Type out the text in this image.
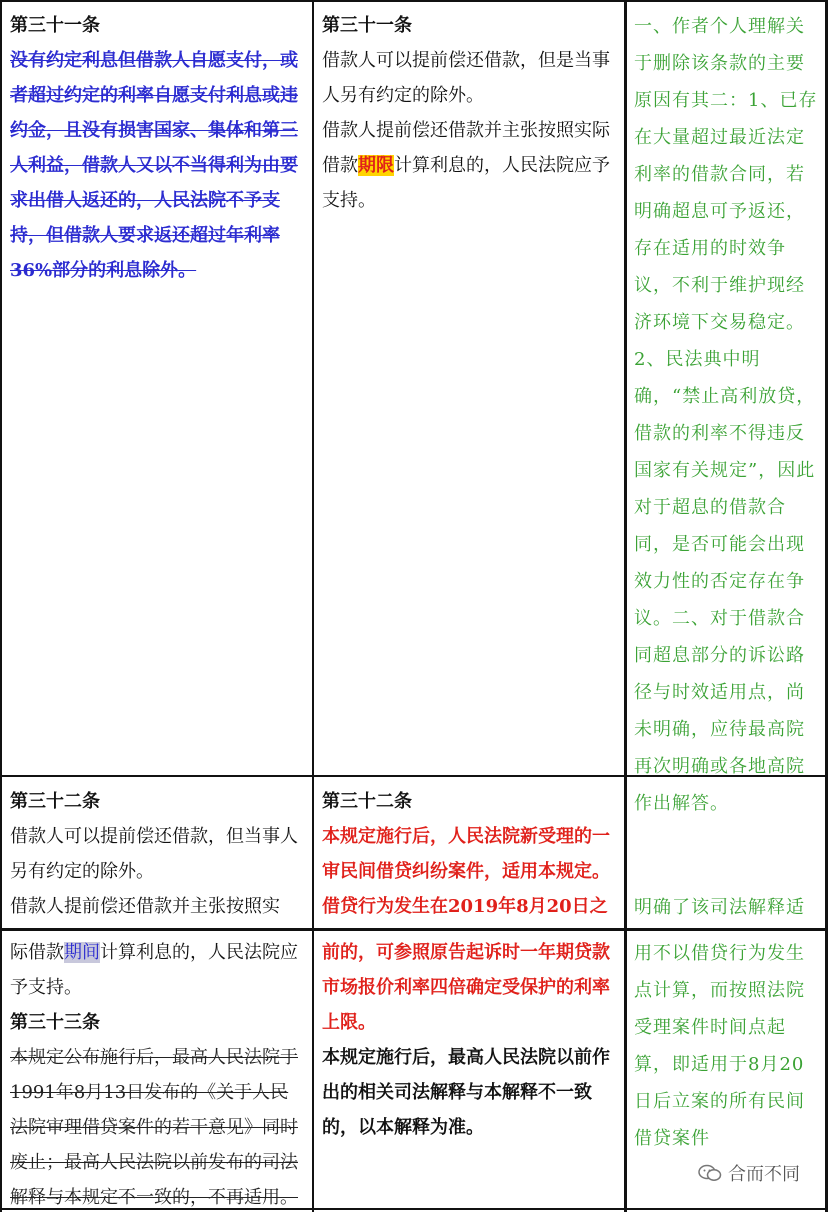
第三十一条

没有约定利息但借款人自愿支付，或者超过约定的利率自愿支付利息或违约金，且没有损害国家、集体和第三人利益，借款人又以不当得利为由要求出借人返还的，人民法院不予支持，但借款人要求返还超过年利率36%部分的利息除外。

第三十一条

借款人可以提前偿还借款，但是当事人另有约定的除外。

借款人提前偿还借款并主张按照实际借款期限计算利息的，人民法院应予支持。

一、作者个人理解关于删除该条款的主要原因有其二：1、已存在大量超过最近法定利率的借款合同，若明确超息可予返还，存在适用的时效争议，不利于维护现经济环境下交易稳定。2、民法典中明确，“禁止高利放贷，借款的利率不得违反国家有关规定”，因此对于超息的借款合同，是否可能会出现效力性的否定存在争议。二、对于借款合同超息部分的诉讼路径与时效适用点，尚未明确，应待最高院再次明确或各地高院作出解答。

第三十二条

借款人可以提前偿还借款，但当事人另有约定的除外。

借款人提前偿还借款并主张按照实

第三十二条

本规定施行后，人民法院新受理的一审民间借贷纠纷案件，适用本规定。借贷行为发生在2019年8月20日之	明确了该司法解释适

际借款期间计算利息的，人民法院应予支持。

第三十三条

本规定公布施行后，最高人民法院于1991年8月13日发布的《关于人民法院审理借贷案件的若干意见》同时废止；最高人民法院以前发布的司法解释与本规定不一致的，不再适用。

前的，可参照原告起诉时一年期贷款市场报价利率四倍确定受保护的利率上限。

本规定施行后，最高人民法院以前作出的相关司法解释与本解释不一致的，以本解释为准。

用不以借贷行为发生点计算，而按照法院受理案件时间点起算，即适用于8月20日后立案的所有民间借贷案件

合而不同
